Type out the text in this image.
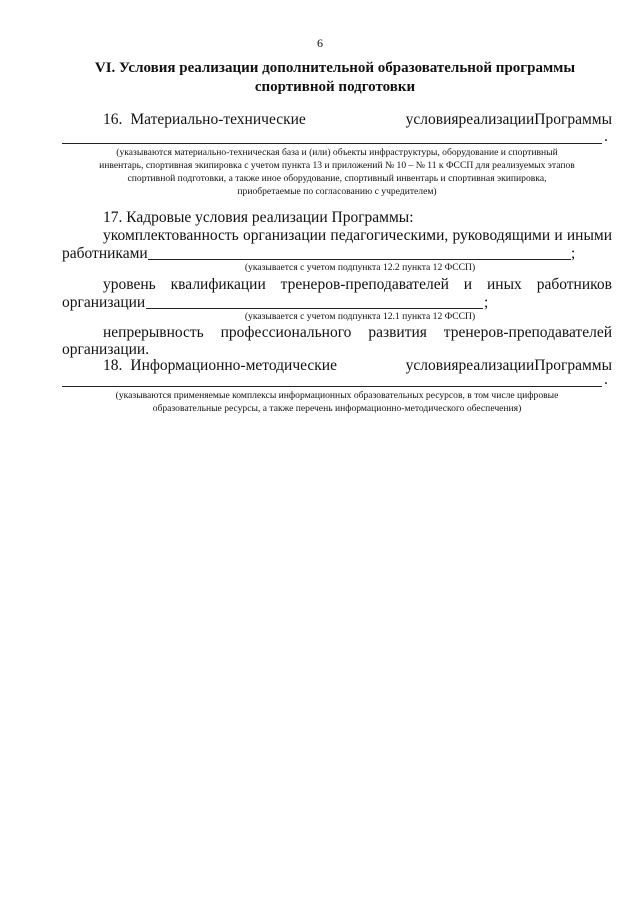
6
VI. Условия реализации дополнительной образовательной программы
спортивной подготовки
16. Материально-технические	условия реализации Программы
.
(указываются материально-техническая база и (или) объекты инфраструктуры, оборудование и спортивный
инвентарь, спортивная экипировка с учетом пункта 13 и приложений № 10 – № 11 к ФССП для реализуемых этапов
спортивной подготовки, а также иное оборудование, спортивный инвентарь и спортивная экипировка,
приобретаемые по согласованию с учредителем)
17. Кадровые условия реализации Программы:
укомплектованность организации педагогическими, руководящими и иными
работниками	;
(указывается с учетом подпункта 12.2 пункта 12 ФССП)
уровень квалификации тренеров-преподавателей и иных работников
организации	;
(указывается с учетом подпункта 12.1 пункта 12 ФССП)
непрерывность профессионального развития тренеров-преподавателей
организации.
18. Информационно-методические	условия реализации Программы
.
(указываются применяемые комплексы информационных образовательных ресурсов, в том числе цифровые
образовательные ресурсы, а также перечень информационно-методического обеспечения)
